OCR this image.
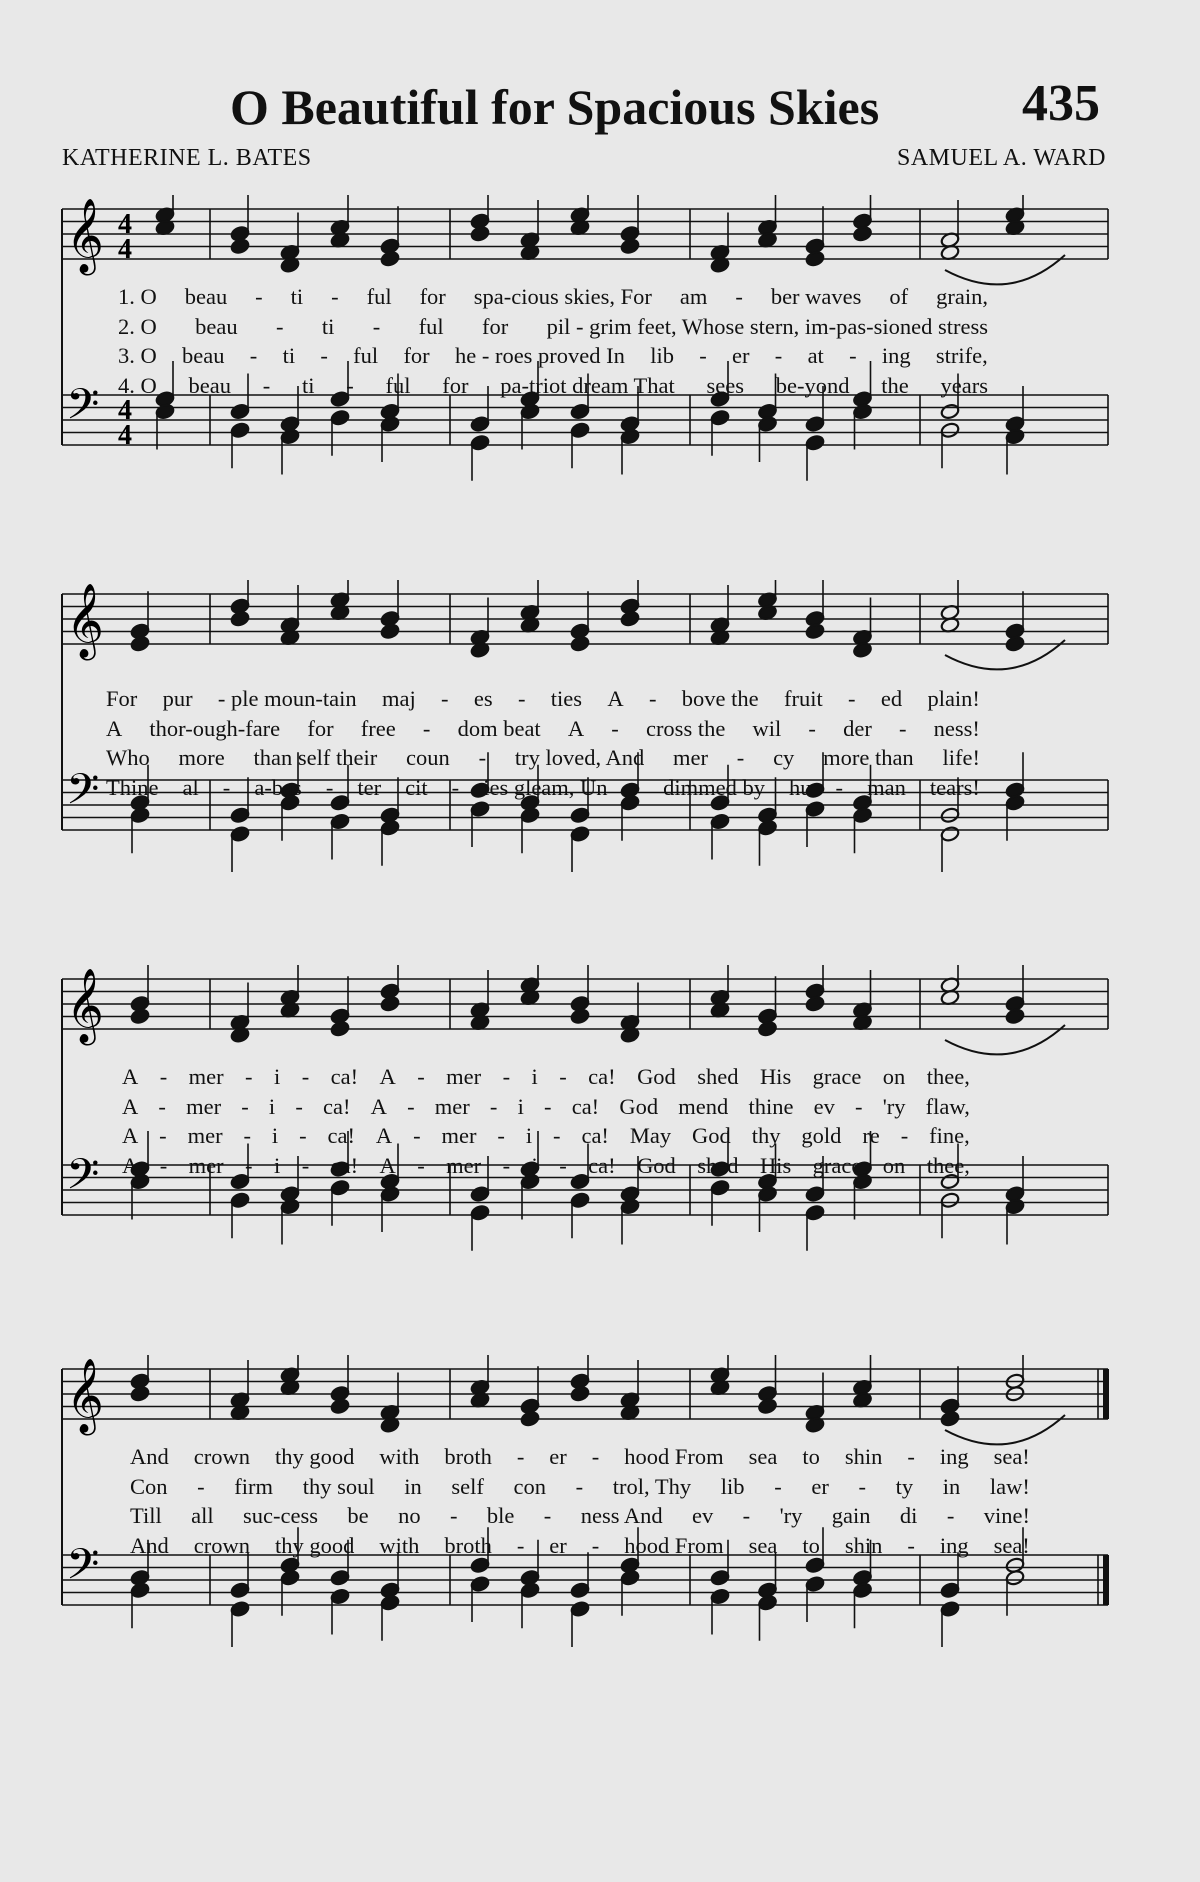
O Beautiful for Spacious Skies	435
KATHERINE L. BATES	SAMUEL A. WARD
𝄞 4
4
𝄢 4
4
1. O beau - ti - ful for spa-cious skies, For am - ber waves of grain,
2. O beau - ti - ful for pil - grim feet, Whose stern, im-pas-sioned stress
3. O beau - ti - ful for he - roes proved In lib - er - at - ing strife,
4. O beau - ti - ful for pa-triot dream That sees be-yond the years
𝄞
𝄢
For pur - ple moun-tain maj - es - ties A - bove the fruit - ed plain!
A thor-ough-fare for free - dom beat A - cross the wil - der - ness!
Who more than self their coun - try loved, And mer - cy more than life!
Thine al - a-bas - ter cit - ies gleam, Un - dimmed by hu - man tears!
𝄞
𝄢
A - mer - i - ca! A - mer - i - ca! God shed His grace on thee,
A - mer - i - ca! A - mer - i - ca! God mend thine ev - 'ry flaw,
A - mer - i - ca! A - mer - i - ca! May God thy gold re - fine,
A - mer - i - ca! A - mer - i - ca! God shed His grace on thee,
𝄞
𝄢
And crown thy good with broth - er - hood From sea to shin - ing sea!
Con - firm thy soul in self con - trol, Thy lib - er - ty in law!
Till all suc-cess be no - ble - ness And ev - 'ry gain di - vine!
And crown thy good with broth - er - hood From sea to shin - ing sea!
